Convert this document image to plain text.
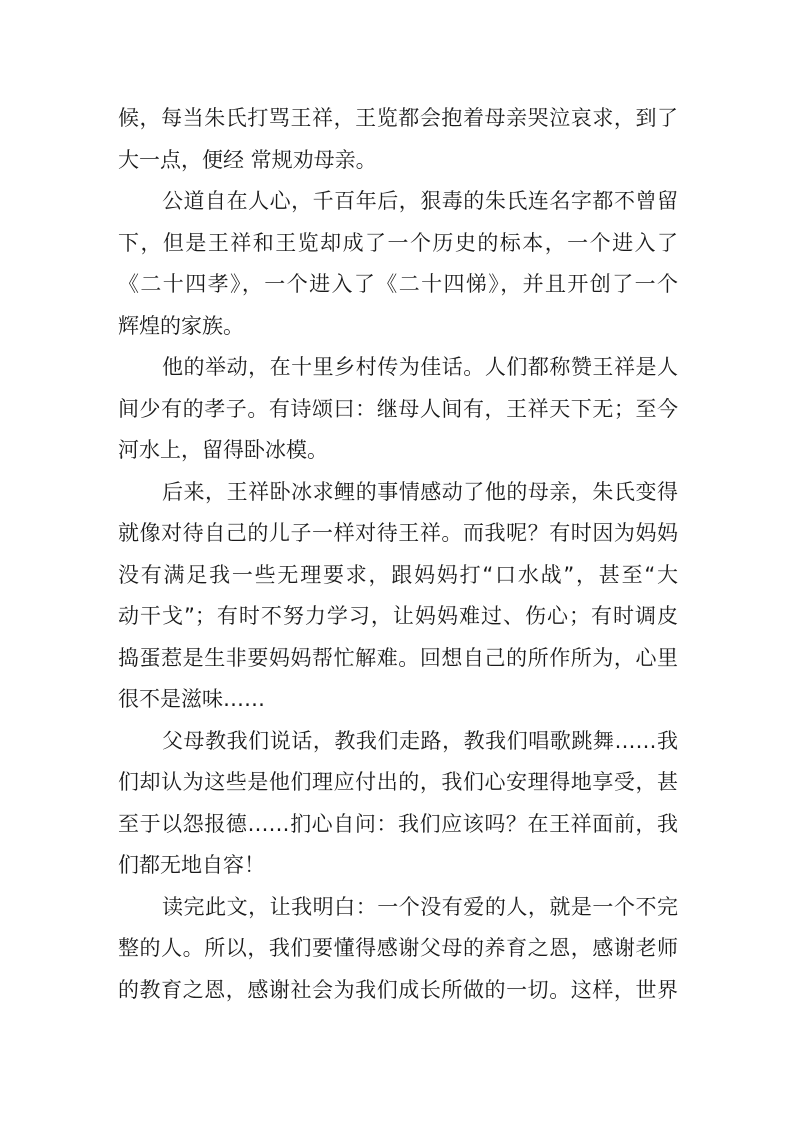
候，每当朱氏打骂王祥，王览都会抱着母亲哭泣哀求，到了
大一点，便经 常规劝母亲。
公道自在人心，千百年后，狠毒的朱氏连名字都不曾留
下，但是王祥和王览却成了一个历史的标本，一个进入了
《二十四孝》，一个进入了《二十四悌》，并且开创了一个
辉煌的家族。
他的举动，在十里乡村传为佳话。人们都称赞王祥是人
间少有的孝子。有诗颂曰：继母人间有，王祥天下无；至今
河水上，留得卧冰模。
后来，王祥卧冰求鲤的事情感动了他的母亲，朱氏变得
就像对待自己的儿子一样对待王祥。而我呢？有时因为妈妈
没有满足我一些无理要求，跟妈妈打“口水战”，甚至“大
动干戈”；有时不努力学习，让妈妈难过、伤心；有时调皮
捣蛋惹是生非要妈妈帮忙解难。回想自己的所作所为，心里
很不是滋味……
父母教我们说话，教我们走路，教我们唱歌跳舞……我
们却认为这些是他们理应付出的，我们心安理得地享受，甚
至于以怨报德……扪心自问：我们应该吗？在王祥面前，我
们都无地自容！
读完此文，让我明白：一个没有爱的人，就是一个不完
整的人。所以，我们要懂得感谢父母的养育之恩，感谢老师
的教育之恩，感谢社会为我们成长所做的一切。这样，世界
